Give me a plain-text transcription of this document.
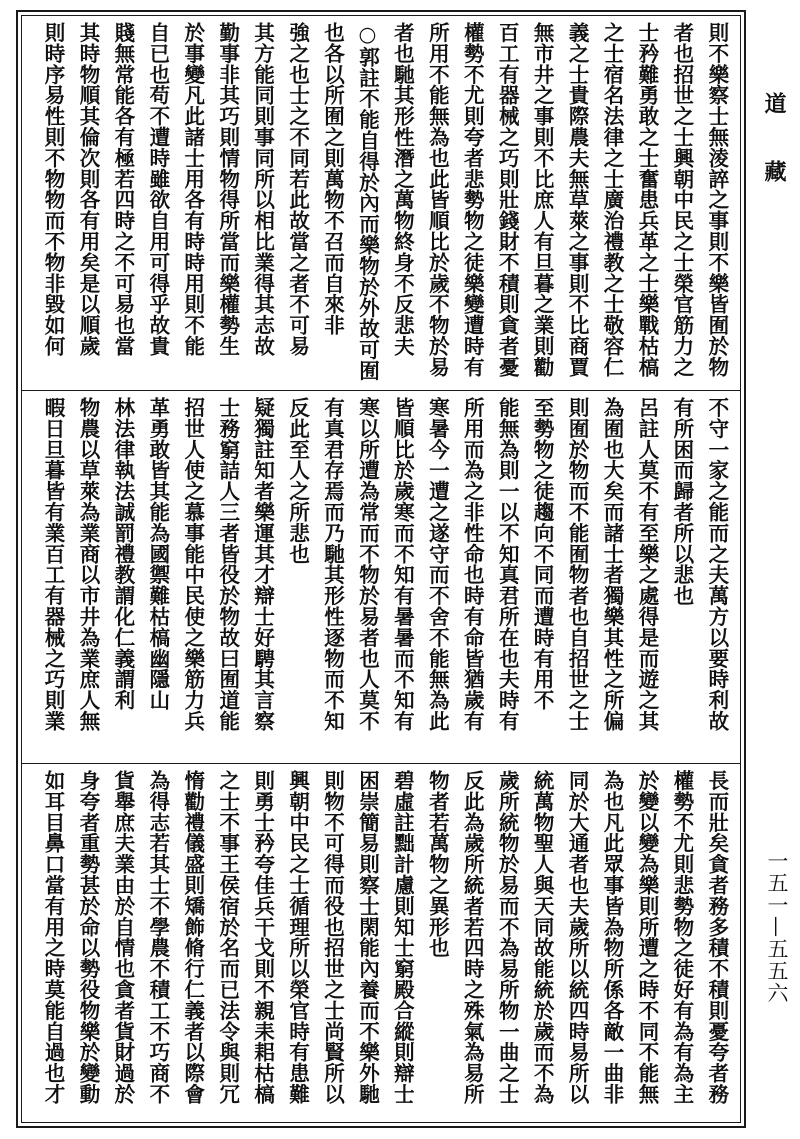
則不樂察士無淩誶之事則不樂皆囿於物
者也招世之士興朝中民之士榮官筋力之
士矜難勇敢之士奮患兵革之士樂戰枯槁
之士宿名法律之士廣治禮教之士敬容仁
義之士貴際農夫無草萊之事則不比商賈
無市井之事則不比庶人有旦暮之業則勸
百工有器械之巧則壯錢財不積則貪者憂
權勢不尤則夸者悲勢物之徒樂變遭時有
所用不能無為也此皆順比於歲不物於易
者也馳其形性潛之萬物終身不反悲夫
○郭註不能自得於內而樂物於外故可囿
也各以所囿之則萬物不召而自來非
強之也士之不同若此故當之者不可易
其方能同則事同所以相比業得其志故
勤事非其巧則情物得所當而樂權勢生
於事變凡此諸士用各有時時用則不能
自已也苟不遭時雖欲自用可得乎故貴
賤無常能各有極若四時之不可易也當
其時物順其倫次則各有用矣是以順歲
則時序易性則不物物而不物非毀如何
不守一家之能而之夫萬方以要時利故
有所困而歸者所以悲也
呂註人莫不有至樂之處得是而遊之其
為囿也大矣而諸士者獨樂其性之所偏
則囿於物而不能囿物者也自招世之士
至勢物之徒趨向不同而遭時有用不
能無為則一以不知真君所在也夫時有
所用而為之非性命也時有命皆猶歲有
寒暑今一遭之遂守而不舍不能無為此
皆順比於歲寒而不知有暑暑而不知有
寒以所遭為常而不物於易者也人莫不
有真君存焉而乃馳其形性逐物而不知
反此至人之所悲也
疑獨註知者樂運其才辯士好騁其言察
士務窮詰人三者皆役於物故曰囿道能
招世人使之慕事能中民使之樂筋力兵
革勇敢皆其能為國禦難枯槁幽隱山
林法律執法誠罰禮教謂化仁義謂利
物農以草萊為業商以市井為業庶人無
暇日旦暮皆有業百工有器械之巧則業
長而壯矣貪者務多積不積則憂夸者務
權勢不尤則悲勢物之徒好有為有為主
於變以變為樂則所遭之時不同不能無
為也凡此眾事皆為物所係各敵一曲非
同於大通者也夫歲所以統四時易所以
統萬物聖人與天同故能統於歲而不為
歲所統物於易而不為易所物一曲之士
反此為歲所統者若四時之殊氣為易所
物者若萬物之異形也
碧虛註黜計慮則知士窮殿合縱則辯士
困崇簡易則察士閑能內養而不樂外馳
則物不可得而役也招世之士尚賢所以
興朝中民之士循理所以榮官時有患難
則勇士矜夸佳兵干戈則不親耒耜枯槁
之士不事王侯宿於名而已法令與則冗
惰勸禮儀盛則矯飾脩行仁義者以際會
為得志若其士不學農不積工不巧商不
貨舉庶夫業由於自情也貪者貨財過於
身夸者重勢甚於命以勢役物樂於變動
如耳目鼻口當有用之時莫能自過也才
道
藏
一五一—五五六
